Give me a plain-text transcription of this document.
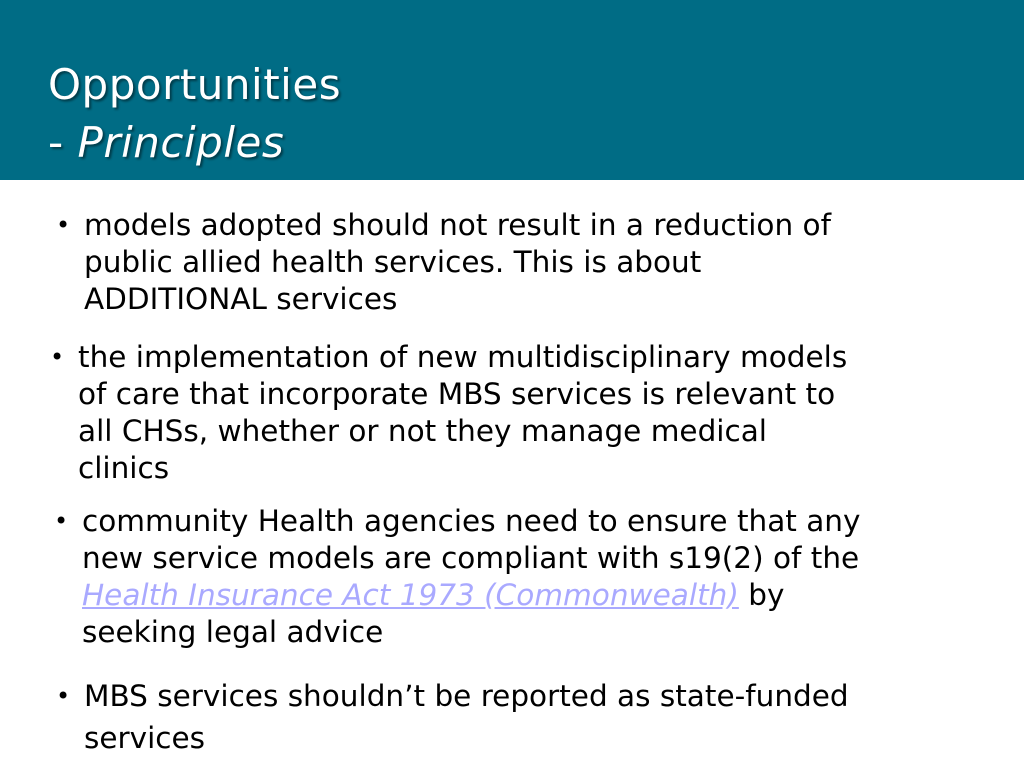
Opportunities
- Principles
• models adopted should not result in a reduction of
public allied health services. This is about
ADDITIONAL services
• the implementation of new multidisciplinary models
of care that incorporate MBS services is relevant to
all CHSs, whether or not they manage medical
clinics
• community Health agencies need to ensure that any
new service models are compliant with s19(2) of the
Health Insurance Act 1973 (Commonwealth) by
seeking legal advice
• MBS services shouldn’t be reported as state-funded
services
